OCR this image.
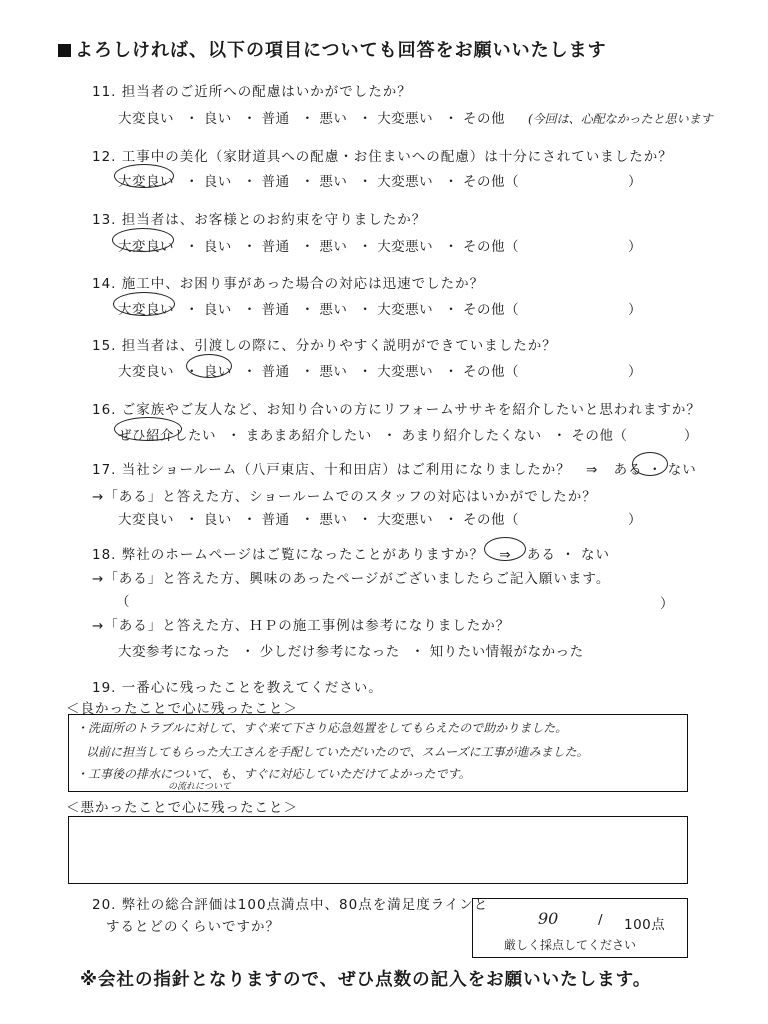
よろしければ、以下の項目についても回答をお願いいたします
11. 担当者のご近所への配慮はいかがでしたか？
大変良い ・ 良い ・ 普通 ・ 悪い ・ 大変悪い ・ その他	(今回は、心配なかったと思います
12. 工事中の美化（家財道具への配慮・お住まいへの配慮）は十分にされていましたか？
大変良い ・ 良い ・ 普通 ・ 悪い ・ 大変悪い ・ その他（	）
13. 担当者は、お客様とのお約束を守りましたか？
大変良い ・ 良い ・ 普通 ・ 悪い ・ 大変悪い ・ その他（	）
14. 施工中、お困り事があった場合の対応は迅速でしたか？
大変良い ・ 良い ・ 普通 ・ 悪い ・ 大変悪い ・ その他（	）
15. 担当者は、引渡しの際に、分かりやすく説明ができていましたか？
大変良い ・ 良い ・ 普通 ・ 悪い ・ 大変悪い ・ その他（	）
16. ご家族やご友人など、お知り合いの方にリフォームササキを紹介したいと思われますか？
ぜひ紹介したい ・ まあまあ紹介したい ・ あまり紹介したくない ・ その他（	）
17. 当社ショールーム（八戸東店、十和田店）はご利用になりましたか？ ⇒ ある ・ ない
→「ある」と答えた方、ショールームでのスタッフの対応はいかがでしたか？
大変良い ・ 良い ・ 普通 ・ 悪い ・ 大変悪い ・ その他（	）
18. 弊社のホームページはご覧になったことがありますか？ ⇒ ある ・ ない
→「ある」と答えた方、興味のあったページがございましたらご記入願います。
（	）
→「ある」と答えた方、ＨＰの施工事例は参考になりましたか？
大変参考になった ・ 少しだけ参考になった ・ 知りたい情報がなかった
19. 一番心に残ったことを教えてください。
＜良かったことで心に残ったこと＞
・洗面所のトラブルに対して、すぐ来て下さり応急処置をしてもらえたので助かりました。
以前に担当してもらった大工さんを手配していただいたので、スムーズに工事が進みました。
・工事後の排水について、も、すぐに対応していただけてよかったです。
の流れについて
＜悪かったことで心に残ったこと＞
20. 弊社の総合評価は100点満点中、80点を満足度ラインと
するとどのくらいですか？	90	/ 100点
厳しく採点してください
※会社の指針となりますので、ぜひ点数の記入をお願いいたします。
